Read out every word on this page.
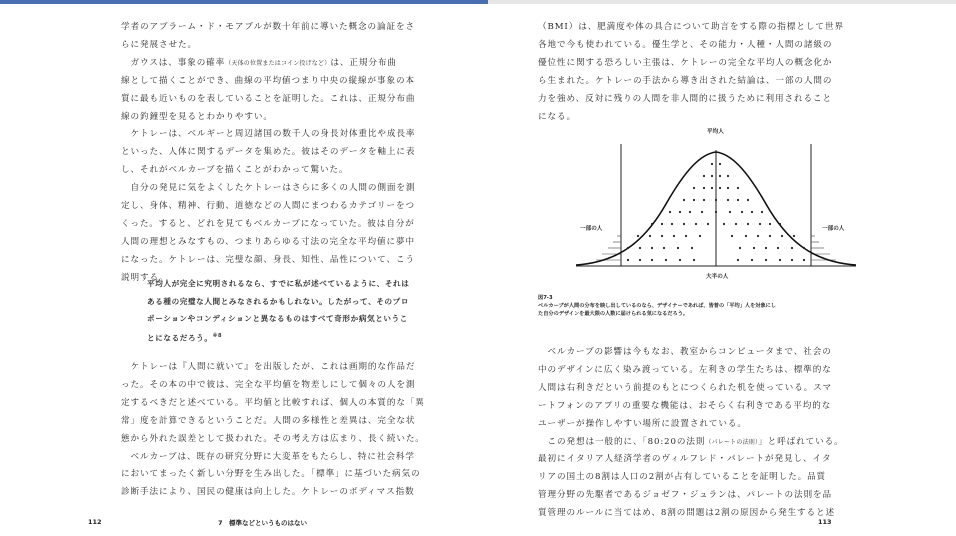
学者のアブラーム・ド・モアブルが数十年前に導いた概念の論証をさ
らに発展させた。
　ガウスは、事象の確率（天体の位置またはコイン投げなど）は、正規分布曲
線として描くことができ、曲線の平均値つまり中央の縦線が事象の本
質に最も近いものを表していることを証明した。これは、正規分布曲
線の釣鐘型を見るとわかりやすい。
　ケトレーは、ベルギーと周辺諸国の数千人の身長対体重比や成長率
といった、人体に関するデータを集めた。彼はそのデータを軸上に表
し、それがベルカーブを描くことがわかって驚いた。
　自分の発見に気をよくしたケトレーはさらに多くの人間の側面を測
定し、身体、精神、行動、道徳などの人間にまつわるカテゴリーをつ
くった。すると、どれを見てもベルカーブになっていた。彼は自分が
人間の理想とみなすもの、つまりあらゆる寸法の完全な平均値に夢中
になった。ケトレーは、完璧な顔、身長、知性、品性について、こう
説明する。
平均人が完全に究明されるなら、すでに私が述べているように、それは
ある種の完璧な人間とみなされるかもしれない。したがって、そのプロ
ポーションやコンディションと異なるものはすべて奇形か病気というこ
とになるだろう。$^{※8}$
　ケトレーは『人間に就いて』を出版したが、これは画期的な作品だ
った。その本の中で彼は、完全な平均値を物差しにして個々の人を測
定するべきだと述べている。平均値と比較すれば、個人の本質的な「異
常」度を計算できるということだ。人間の多様性と差異は、完全な状
態から外れた誤差として扱われた。その考え方は広まり、長く続いた。
　ベルカーブは、既存の研究分野に大変革をもたらし、特に社会科学
においてまったく新しい分野を生み出した。「標準」に基づいた病気の
診断手法により、国民の健康は向上した。ケトレーのボディマス指数
112	7　標準などというものはない
（BMI）は、肥満度や体の具合について助言をする際の指標として世界
各地で今も使われている。優生学と、その能力・人種・人間の諸級の
優位性に関する恐ろしい主張は、ケトレーの完全な平均人の概念化か
ら生まれた。ケトレーの手法から導き出された結論は、一部の人間の
力を強め、反対に残りの人間を非人間的に扱うために利用されること
になる。
平均人
一部の人	一部の人
大半の人
図7-3
ベルカーブが人間の分布を映し出しているのなら、デザイナーであれば、皆普の「平均」人を対象にし
た自分のデザインを最大限の人数に届けられる気になるだろう。
　ベルカーブの影響は今もなお、教室からコンピュータまで、社会の
中のデザインに広く染み渡っている。左利きの学生たちは、標準的な
人間は右利きだという前提のもとにつくられた机を使っている。スマ
ートフォンのアプリの重要な機能は、おそらく右利きである平均的な
ユーザーが操作しやすい場所に設置されている。
　この発想は一般的に、「80:20の法則（パレートの法則）」と呼ばれている。
最初にイタリア人経済学者のヴィルフレド・パレートが発見し、イタ
リアの国土の8割は人口の2割が占有していることを証明した。品質
管理分野の先駆者であるジョゼフ・ジュランは、パレートの法則を品
質管理のルールに当てはめ、8割の問題は2割の原因から発生すると述
113
